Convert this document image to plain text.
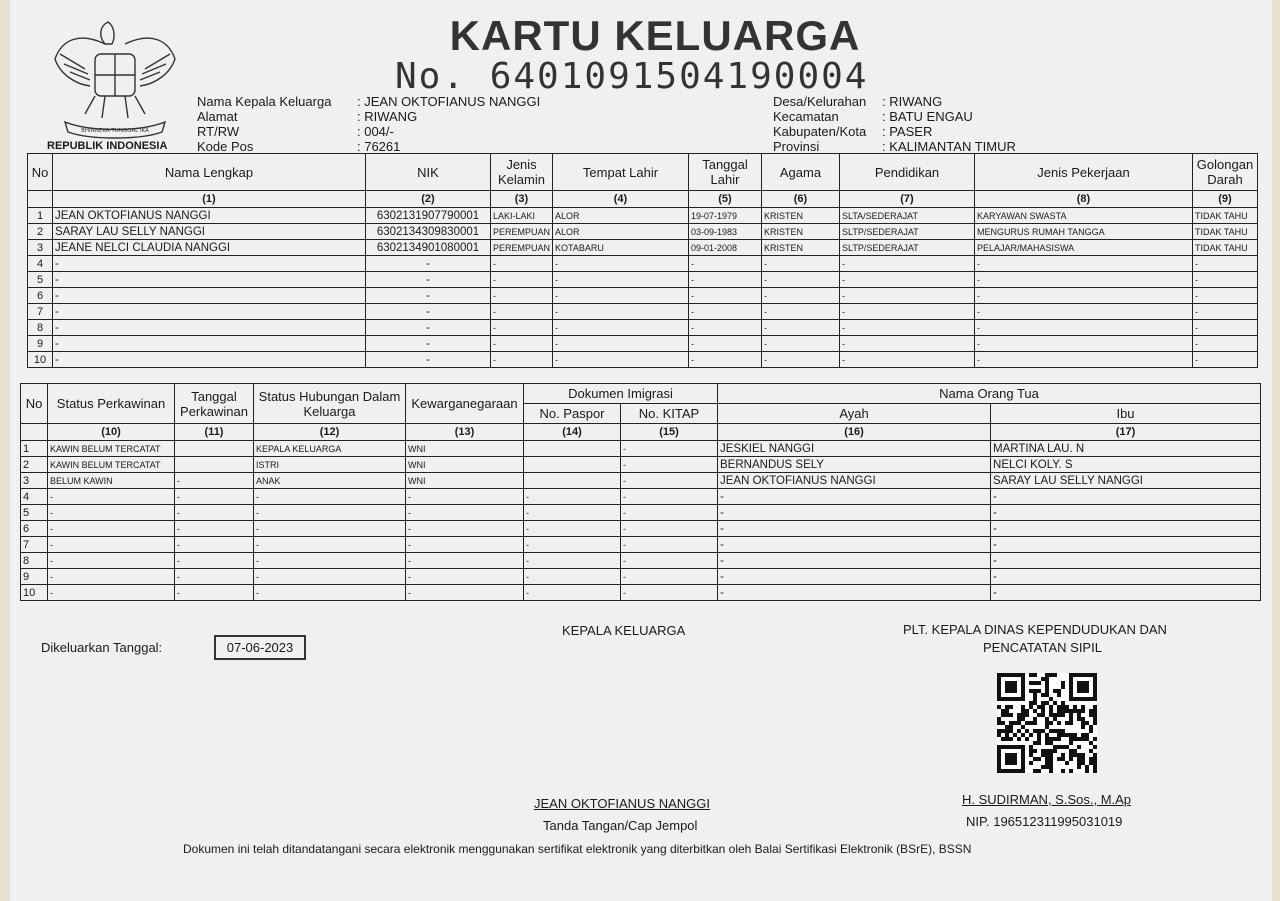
BHINNEKA TUNGGAL IKA
REPUBLIK INDONESIA
KARTU KELUARGA
No. 6401091504190004
Nama Kepala Keluarga : JEAN OKTOFIANUS NANGGI
Alamat	: RIWANG
RT/RW	: 004/-
Kode Pos	: 76261
Desa/Kelurahan : RIWANG
Kecamatan	: BATU ENGAU
Kabupaten/Kota : PASER
Provinsi	: KALIMANTAN TIMUR
No	Nama Lengkap	NIK	Jenis Kelamin	Tempat Lahir	Tanggal Lahir	Agama	Pendidikan	Jenis Pekerjaan	Golongan Darah
	(1)	(2)	(3)	(4)	(5)	(6)	(7)	(8)	(9)
1	JEAN OKTOFIANUS NANGGI	6302131907790001	LAKI-LAKI	ALOR	19-07-1979	KRISTEN	SLTA/SEDERAJAT	KARYAWAN SWASTA	TIDAK TAHU
2	SARAY LAU SELLY NANGGI	6302134309830001	PEREMPUAN	ALOR	03-09-1983	KRISTEN	SLTP/SEDERAJAT	MENGURUS RUMAH TANGGA	TIDAK TAHU
3	JEANE NELCI CLAUDIA NANGGI	6302134901080001	PEREMPUAN	KOTABARU	09-01-2008	KRISTEN	SLTP/SEDERAJAT	PELAJAR/MAHASISWA	TIDAK TAHU
4	-	-	-	-	-	-	-	-	-
5	-	-	-	-	-	-	-	-	-
6	-	-	-	-	-	-	-	-	-
7	-	-	-	-	-	-	-	-	-
8	-	-	-	-	-	-	-	-	-
9	-	-	-	-	-	-	-	-	-
10	-	-	-	-	-	-	-	-	-
No	Status Perkawinan	Tanggal Perkawinan	Status Hubungan Dalam Keluarga	Kewarganegaraan	Dokumen Imigrasi		Nama Orang Tua	
					No. Paspor	No. KITAP	Ayah	Ibu
	(10)	(11)	(12)	(13)	(14)	(15)	(16)	(17)
1	KAWIN BELUM TERCATAT		KEPALA KELUARGA	WNI		-	JESKIEL NANGGI	MARTINA LAU. N
2	KAWIN BELUM TERCATAT		ISTRI	WNI		-	BERNANDUS SELY	NELCI KOLY. S
3	BELUM KAWIN	-	ANAK	WNI		-	JEAN OKTOFIANUS NANGGI	SARAY LAU SELLY NANGGI
4	-	-	-	-	-	-	-	-
5	-	-	-	-	-	-	-	-
6	-	-	-	-	-	-	-	-
7	-	-	-	-	-	-	-	-
8	-	-	-	-	-	-	-	-
9	-	-	-	-	-	-	-	-
10	-	-	-	-	-	-	-	-
Dikeluarkan Tanggal:	07-06-2023
KEPALA KELUARGA	PLT. KEPALA DINAS KEPENDUDUKAN DAN
PENCATATAN SIPIL
JEAN OKTOFIANUS NANGGI
Tanda Tangan/Cap Jempol
H. SUDIRMAN, S.Sos., M.Ap
NIP. 196512311995031019
Dokumen ini telah ditandatangani secara elektronik menggunakan sertifikat elektronik yang diterbitkan oleh Balai Sertifikasi Elektronik (BSrE), BSSN
